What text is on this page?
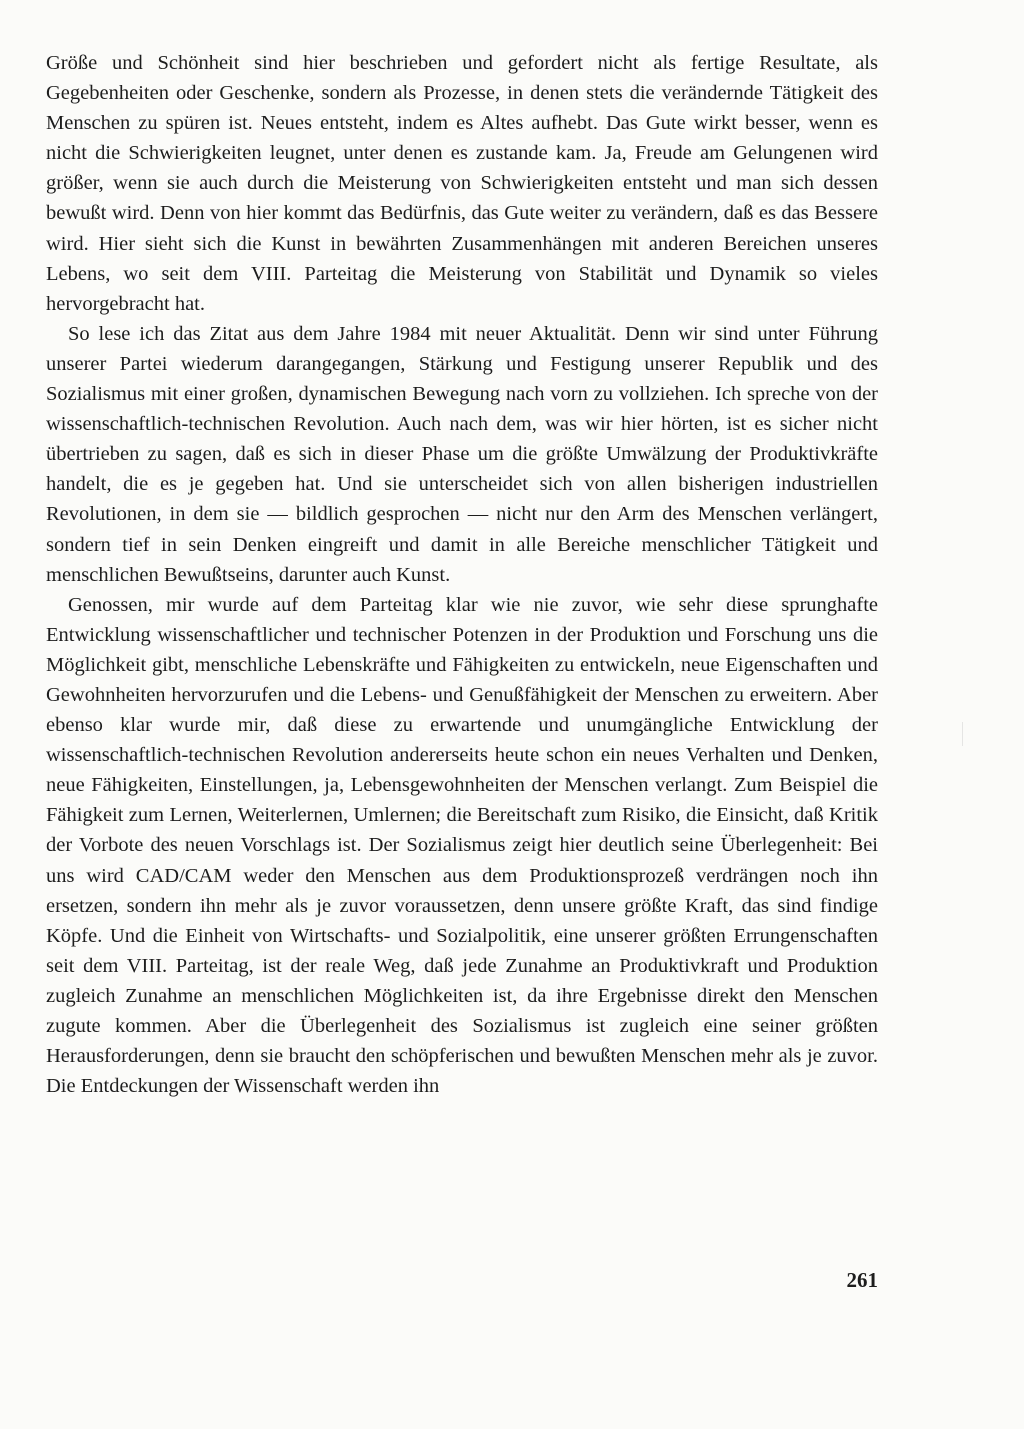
Größe und Schönheit sind hier beschrieben und gefordert nicht als fertige Resultate, als Gegebenheiten oder Geschenke, sondern als Prozesse, in denen stets die verändernde Tätigkeit des Menschen zu spüren ist. Neues entsteht, indem es Altes aufhebt. Das Gute wirkt besser, wenn es nicht die Schwierigkeiten leugnet, unter denen es zustande kam. Ja, Freude am Gelungenen wird größer, wenn sie auch durch die Meisterung von Schwierigkeiten entsteht und man sich dessen bewußt wird. Denn von hier kommt das Bedürfnis, das Gute weiter zu verändern, daß es das Bessere wird. Hier sieht sich die Kunst in bewährten Zusammenhängen mit anderen Bereichen unseres Lebens, wo seit dem VIII. Parteitag die Meisterung von Stabilität und Dynamik so vieles hervorgebracht hat.

So lese ich das Zitat aus dem Jahre 1984 mit neuer Aktualität. Denn wir sind unter Führung unserer Partei wiederum darangegangen, Stärkung und Festigung unserer Republik und des Sozialismus mit einer großen, dynamischen Bewegung nach vorn zu vollziehen. Ich spreche von der wissenschaftlich-technischen Revolution. Auch nach dem, was wir hier hörten, ist es sicher nicht übertrieben zu sagen, daß es sich in dieser Phase um die größte Umwälzung der Produktivkräfte handelt, die es je gegeben hat. Und sie unterscheidet sich von allen bisherigen industriellen Revolutionen, in dem sie — bildlich gesprochen — nicht nur den Arm des Menschen verlängert, sondern tief in sein Denken eingreift und damit in alle Bereiche menschlicher Tätigkeit und menschlichen Bewußtseins, darunter auch Kunst.

Genossen, mir wurde auf dem Parteitag klar wie nie zuvor, wie sehr diese sprunghafte Entwicklung wissenschaftlicher und technischer Potenzen in der Produktion und Forschung uns die Möglichkeit gibt, menschliche Lebenskräfte und Fähigkeiten zu entwickeln, neue Eigenschaften und Gewohnheiten hervorzurufen und die Lebens- und Genußfähigkeit der Menschen zu erweitern. Aber ebenso klar wurde mir, daß diese zu erwartende und unumgängliche Entwicklung der wissenschaftlich-technischen Revolution andererseits heute schon ein neues Verhalten und Denken, neue Fähigkeiten, Einstellungen, ja, Lebensgewohnheiten der Menschen verlangt. Zum Beispiel die Fähigkeit zum Lernen, Weiterlernen, Umlernen; die Bereitschaft zum Risiko, die Einsicht, daß Kritik der Vorbote des neuen Vorschlags ist. Der Sozialismus zeigt hier deutlich seine Überlegenheit: Bei uns wird CAD/CAM weder den Menschen aus dem Produktionsprozeß verdrängen noch ihn ersetzen, sondern ihn mehr als je zuvor voraussetzen, denn unsere größte Kraft, das sind findige Köpfe. Und die Einheit von Wirtschafts- und Sozialpolitik, eine unserer größten Errungenschaften seit dem VIII. Parteitag, ist der reale Weg, daß jede Zunahme an Produktivkraft und Produktion zugleich Zunahme an menschlichen Möglichkeiten ist, da ihre Ergebnisse direkt den Menschen zugute kommen. Aber die Überlegenheit des Sozialismus ist zugleich eine seiner größten Herausforderungen, denn sie braucht den schöpferischen und bewußten Menschen mehr als je zuvor. Die Entdeckungen der Wissenschaft werden ihn

261
